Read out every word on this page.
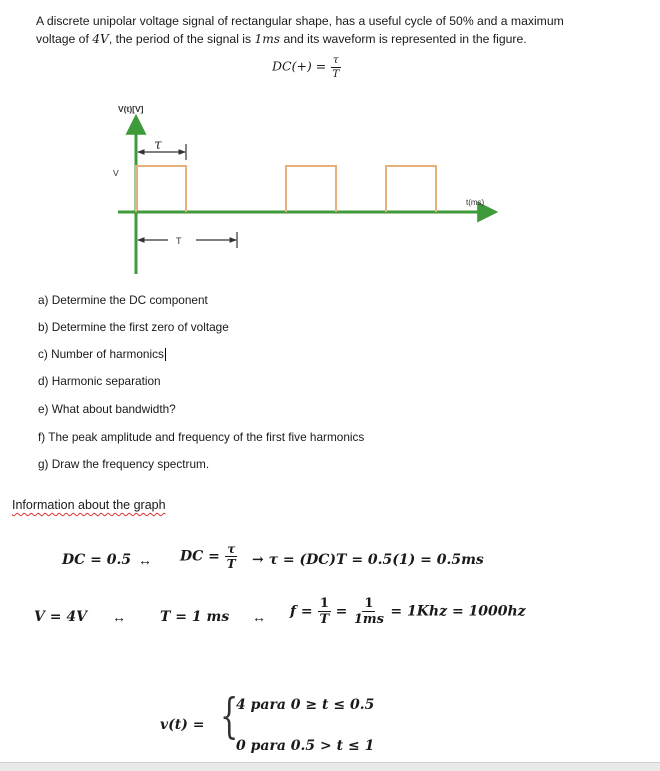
A discrete unipolar voltage signal of rectangular shape, has a useful cycle of 50% and a maximum
voltage of 4V, the period of the signal is 1ms and its waveform is represented in the figure.
$DC(+) = \frac{\tau}{T}$
τ
T
V(t)[V]
V
t(ms)
a) Determine the DC component
b) Determine the first zero of voltage
c) Number of harmonics
d) Harmonic separation
e) What about bandwidth?
f) The peak amplitude and frequency of the first five harmonics
g) Draw the frequency spectrum.
Information about the graph
DC = 0.5 ↔ DC = $\frac{\tau}{T} \to \tau = (DC)T = 0.5(1) = 0.5ms$
V = 4V ↔ T = 1 ms ↔ $f = \frac{1}{T} = \frac{1}{1ms} = 1Khz = 1000hz$
v(t) = {
4 para 0 ≥ t ≤ 0.5
0 para 0.5 > t ≤ 1
